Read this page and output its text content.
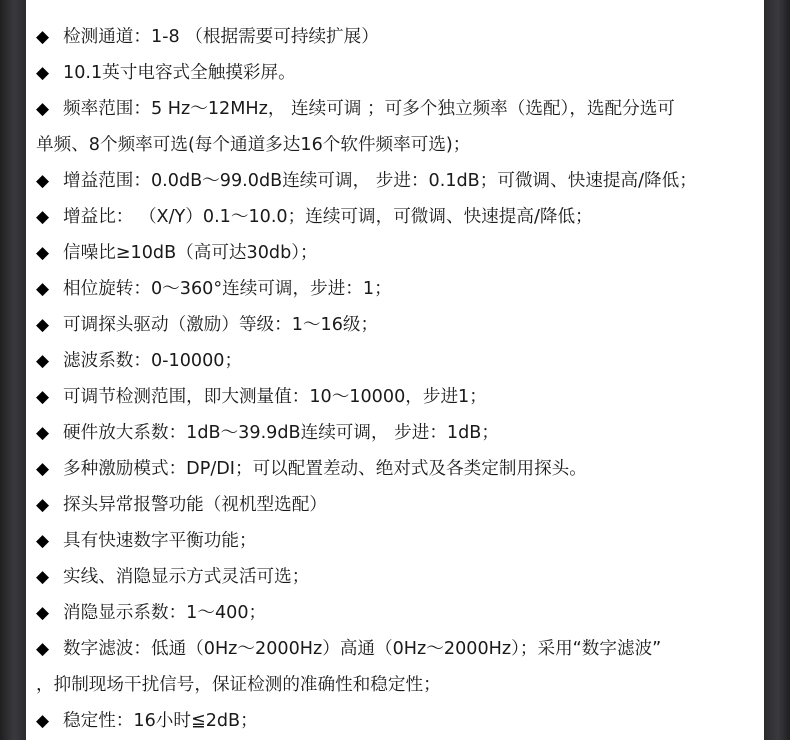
◆ 检测通道：1-8 （根据需要可持续扩展）
◆ 10.1英寸电容式全触摸彩屏。
◆ 频率范围：5 Hz～12MHz， 连续可调 ；可多个独立频率（选配），选配分选可
单频、8个频率可选(每个通道多达16个软件频率可选)；
◆ 增益范围：0.0dB～99.0dB连续可调， 步进：0.1dB；可微调、快速提高/降低；
◆ 增益比： （X/Y）0.1～10.0；连续可调，可微调、快速提高/降低；
◆ 信噪比≥10dB（高可达30db）；
◆ 相位旋转：0～360°连续可调，步进：1；
◆ 可调探头驱动（激励）等级：1～16级；
◆ 滤波系数：0-10000；
◆ 可调节检测范围，即大测量值：10～10000，步进1；
◆ 硬件放大系数：1dB～39.9dB连续可调， 步进：1dB；
◆ 多种激励模式：DP/DI；可以配置差动、绝对式及各类定制用探头。
◆ 探头异常报警功能（视机型选配）
◆ 具有快速数字平衡功能；
◆ 实线、消隐显示方式灵活可选；
◆ 消隐显示系数：1～400；
◆ 数字滤波：低通（0Hz～2000Hz）高通（0Hz～2000Hz）；采用“数字滤波”
，抑制现场干扰信号，保证检测的准确性和稳定性；
◆ 稳定性：16小时≦2dB；
